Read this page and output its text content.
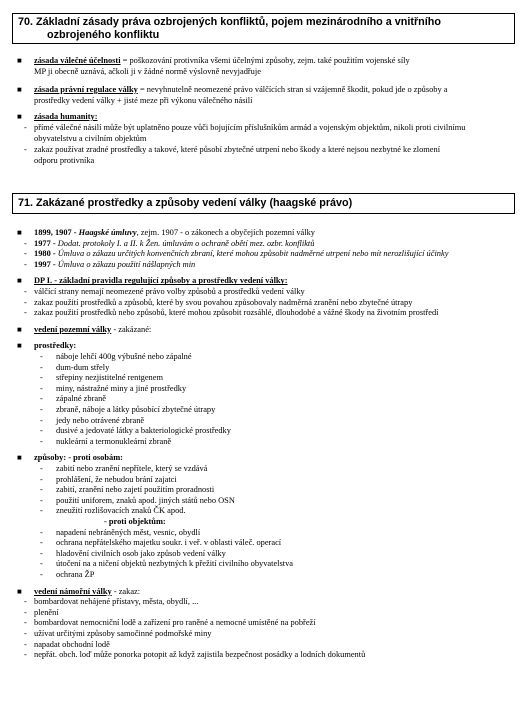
70. Základní zásady práva ozbrojených konfliktů, pojem mezinárodního a vnitřního
ozbrojeného konfliktu
■ zásada válečné účelnosti = poškozování protivníka všemi účelnými způsoby, zejm. také použitím vojenské síly
MP ji obecně uznává, ačkoli ji v žádné normě výslovně nevyjadřuje
■ zásada právní regulace války = nevyhnutelně neomezené právo válčících stran si vzájemně škodit, pokud jde o způsoby a
prostředky vedení války + jisté meze při výkonu válečného násilí
■ zásada humanity:
- přímé válečné násilí může být uplatněno pouze vůči bojujícím příslušníkům armád a vojenským objektům, nikoli proti civilnímu
obyvatelstvu a civilním objektům
- zakaz používat zradné prostředky a takové, které působí zbytečné utrpení nebo škody a které nejsou nezbytné ke zlomení
odporu protivníka
71. Zakázané prostředky a způsoby vedení války (haagské právo)
■ 1899, 1907 - Haagské úmluvy, zejm. 1907 - o zákonech a obyčejích pozemní války
- 1977 - Dodat. protokoly I. a II. k Žen. úmluvám o ochraně obětí mez. ozbr. konfliktů
- 1980 - Úmluva o zákazu určitých konvenčních zbraní, které mohou způsobit nadměrné utrpení nebo mít nerozlišující účinky
- 1997 - Úmluva o zákazu použití nášlapných min
■ DP I. - základní pravidla regulující způsoby a prostředky vedení války:
- válčící strany nemají neomezené právo volby způsobů a prostředků vedení války
- zakaz použití prostředků a způsobů, které by svou povahou způsobovaly nadměrná zranění nebo zbytečné útrapy
- zakaz použití prostředků nebo způsobů, které mohou způsobit rozsáhlé, dlouhodobé a vážné škody na životním prostředí
■ vedení pozemní války - zakázané:
■ prostředky:
- náboje lehčí 400g výbušné nebo zápalné
- dum-dum střely
- střepiny nezjistitelné rentgenem
- miny, nástražné miny a jiné prostředky
- zápalné zbraně
- zbraně, náboje a látky působící zbytečné útrapy
- jedy nebo otrávené zbraně
- dusivé a jedovaté látky a bakteriologické prostředky
- nukleární a termonukleární zbraně
■ způsoby: - proti osobám:
- zabití nebo zranění nepřítele, který se vzdává
- prohlášení, že nebudou brání zajatci
- zabití, zranění nebo zajetí použitím proradnosti
- použití uniforem, znaků apod. jiných států nebo OSN
- zneužití rozlišovacích znaků ČK apod.
- proti objektům:
- napadení nebráněných měst, vesnic, obydlí
- ochrana nepřátelského majetku soukr. i veř. v oblasti váleč. operací
- hladovění civilních osob jako způsob vedení války
- útočení na a ničení objektů nezbytných k přežití civilního obyvatelstva
- ochrana ŽP
■ vedení námořní války - zakaz:
- bombardovat nehájené přístavy, města, obydlí, ...
- plenění
- bombardovat nemocniční lodě a zařízení pro raněné a nemocné umístěné na pobřeží
- užívat určitými způsoby samočinné podmořské miny
- napadat obchodní lodě
- nepřát. obch. loď může ponorka potopit až když zajistila bezpečnost posádky a lodních dokumentů
